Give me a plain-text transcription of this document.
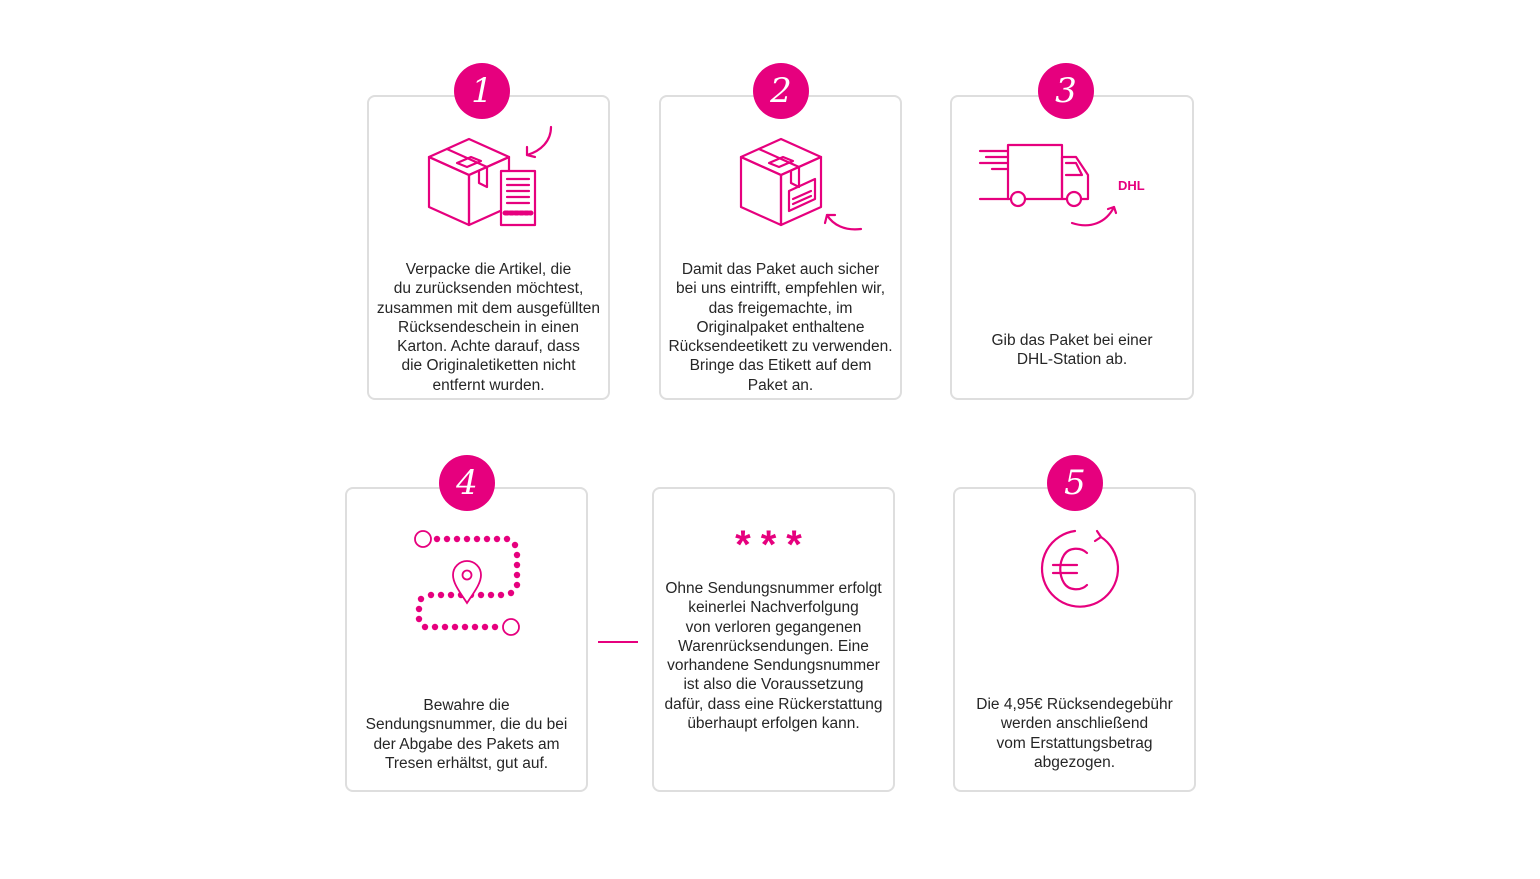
1
Verpacke die Artikel, die
du zurücksenden möchtest,
zusammen mit dem ausgefüllten
Rücksendeschein in einen
Karton. Achte darauf, dass
die Originaletiketten nicht
entfernt wurden.
2
Damit das Paket auch sicher
bei uns eintrifft, empfehlen wir,
das freigemachte, im
Originalpaket enthaltene
Rücksendeetikett zu verwenden.
Bringe das Etikett auf dem
Paket an.
3
DHL
Gib das Paket bei einer
DHL-Station ab.
4
Bewahre die
Sendungsnummer, die du bei
der Abgabe des Pakets am
Tresen erhältst, gut auf.
***
Ohne Sendungsnummer erfolgt
keinerlei Nachverfolgung
von verloren gegangenen
Warenrücksendungen. Eine
vorhandene Sendungsnummer
ist also die Voraussetzung
dafür, dass eine Rückerstattung
überhaupt erfolgen kann.
5
Die 4,95€ Rücksendegebühr
werden anschließend
vom Erstattungsbetrag
abgezogen.
